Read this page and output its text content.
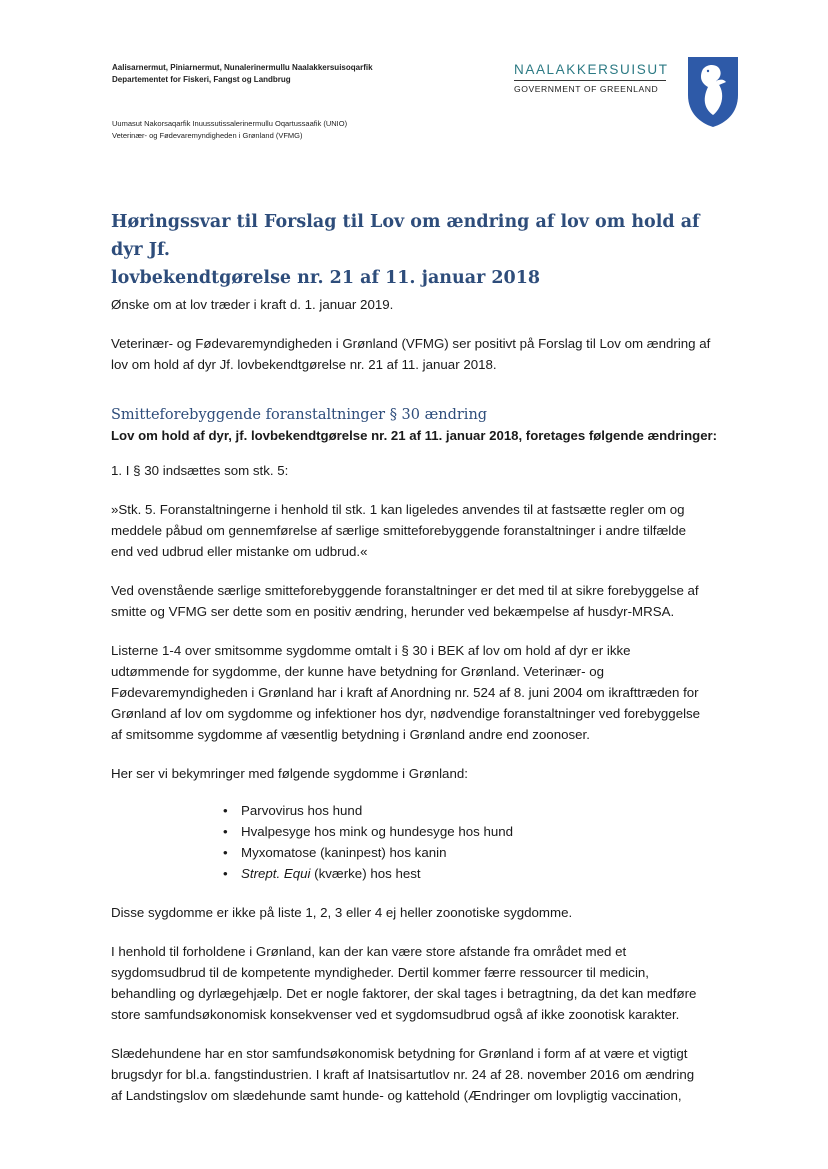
Aalisarnermut, Piniarnermut, Nunalerinermullu Naalakkersuisoqarfik
Departementet for Fiskeri, Fangst og Landbrug
Uumasut Nakorsaqarfik Inuussutissalerinermullu Oqartussaafik (UNIO)
Veterinær- og Fødevaremyndigheden i Grønland (VFMG)
NAALAKKERSUISUT
GOVERNMENT OF GREENLAND
Høringssvar til Forslag til Lov om ændring af lov om hold af dyr Jf.
lovbekendtgørelse nr. 21 af 11. januar 2018

Ønske om at lov træder i kraft d. 1. januar 2019.

Veterinær- og Fødevaremyndigheden i Grønland (VFMG) ser positivt på Forslag til Lov om ændring af
lov om hold af dyr Jf. lovbekendtgørelse nr. 21 af 11. januar 2018.

Smitteforebyggende foranstaltninger § 30 ændring

Lov om hold af dyr, jf. lovbekendtgørelse nr. 21 af 11. januar 2018, foretages følgende ændringer:

1. I § 30 indsættes som stk. 5:

»Stk. 5. Foranstaltningerne i henhold til stk. 1 kan ligeledes anvendes til at fastsætte regler om og
meddele påbud om gennemførelse af særlige smitteforebyggende foranstaltninger i andre tilfælde
end ved udbrud eller mistanke om udbrud.«

Ved ovenstående særlige smitteforebyggende foranstaltninger er det med til at sikre forebyggelse af
smitte og VFMG ser dette som en positiv ændring, herunder ved bekæmpelse af husdyr-MRSA.

Listerne 1-4 over smitsomme sygdomme omtalt i § 30 i BEK af lov om hold af dyr er ikke
udtømmende for sygdomme, der kunne have betydning for Grønland. Veterinær- og
Fødevaremyndigheden i Grønland har i kraft af Anordning nr. 524 af 8. juni 2004 om ikrafttræden for
Grønland af lov om sygdomme og infektioner hos dyr, nødvendige foranstaltninger ved forebyggelse
af smitsomme sygdomme af væsentlig betydning i Grønland andre end zoonoser.

Her ser vi bekymringer med følgende sygdomme i Grønland:

• Parvovirus hos hund
• Hvalpesyge hos mink og hundesyge hos hund
• Myxomatose (kaninpest) hos kanin
• Strept. Equi (kværke) hos hest

Disse sygdomme er ikke på liste 1, 2, 3 eller 4 ej heller zoonotiske sygdomme.

I henhold til forholdene i Grønland, kan der kan være store afstande fra området med et
sygdomsudbrud til de kompetente myndigheder. Dertil kommer færre ressourcer til medicin,
behandling og dyrlægehjælp. Det er nogle faktorer, der skal tages i betragtning, da det kan medføre
store samfundsøkonomisk konsekvenser ved et sygdomsudbrud også af ikke zoonotisk karakter.

Slædehundene har en stor samfundsøkonomisk betydning for Grønland i form af at være et vigtigt
brugsdyr for bl.a. fangstindustrien. I kraft af Inatsisartutlov nr. 24 af 28. november 2016 om ændring
af Landstingslov om slædehunde samt hunde- og kattehold (Ændringer om lovpligtig vaccination,
